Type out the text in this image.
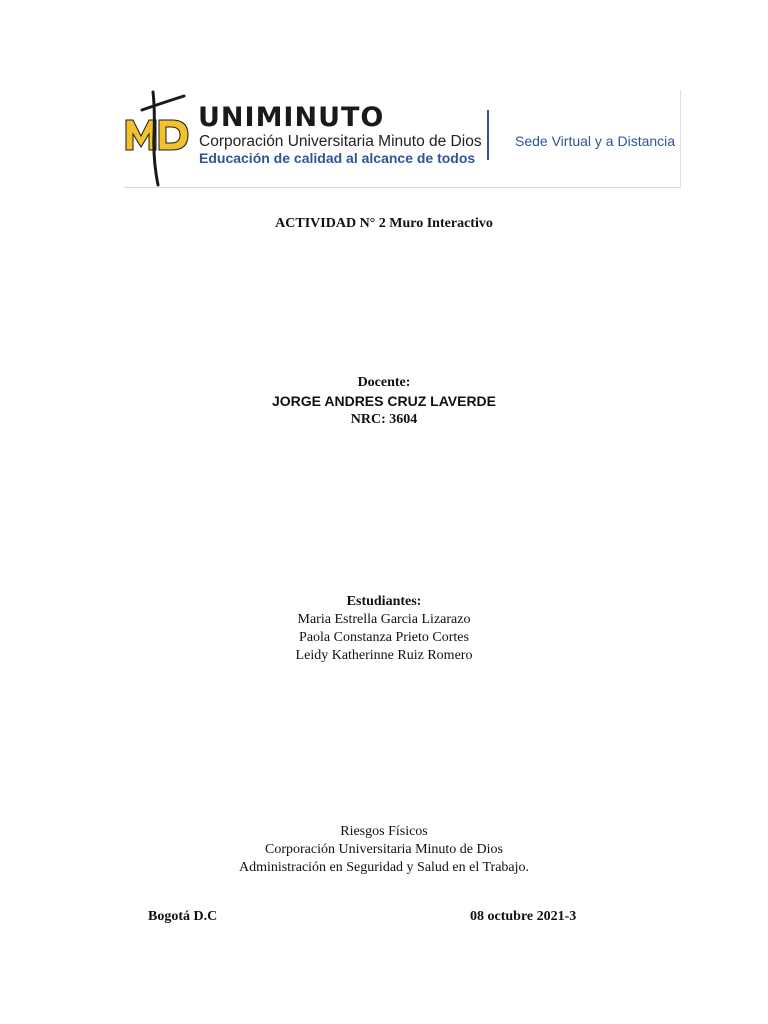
UNIMINUTO
Corporación Universitaria Minuto de Dios
Educación de calidad al alcance de todos
Sede Virtual y a Distancia
ACTIVIDAD N° 2 Muro Interactivo
Docente:
JORGE ANDRES CRUZ LAVERDE
NRC: 3604
Estudiantes:
Maria Estrella Garcia Lizarazo
Paola Constanza Prieto Cortes
Leidy Katherinne Ruiz Romero
Riesgos Físicos
Corporación Universitaria Minuto de Dios
Administración en Seguridad y Salud en el Trabajo.
Bogotá D.C	08 octubre 2021-3
